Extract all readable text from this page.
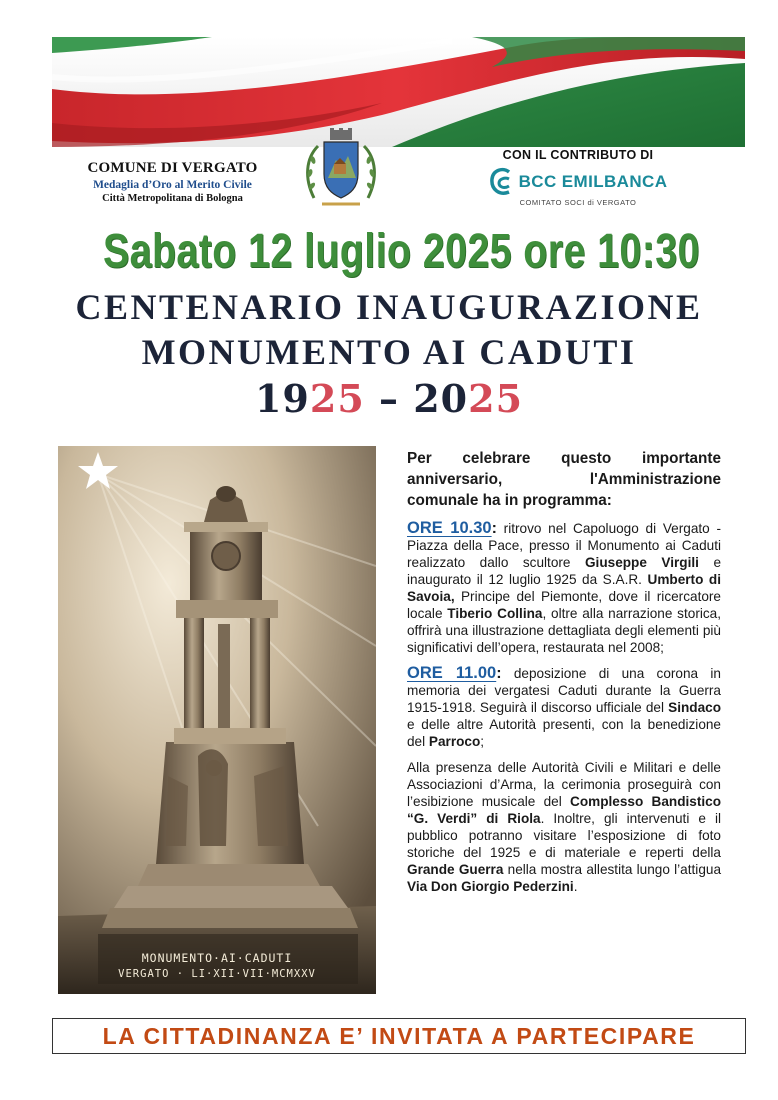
COMUNE DI VERGATO
Medaglia d’Oro al Merito Civile
Città Metropolitana di Bologna
CON IL CONTRIBUTO DI
BCC EMILBANCA
COMITATO SOCI di VERGATO
Sabato 12 luglio 2025 ore 10:30
CENTENARIO INAUGURAZIONE
MONUMENTO AI CADUTI
1925 – 2025
MONUMENTO·AI·CADUTI
VERGATO · LI·XII·VII·MCMXXV
Per celebrare questo importante anniversario, l'Amministrazione
comunale ha in programma:
ORE 10.30: ritrovo nel Capoluogo di Vergato - Piazza della Pace, presso il Monumento ai Caduti realizzato dallo scultore Giuseppe Virgili e inaugurato il 12 luglio 1925 da S.A.R. Umberto di Savoia, Principe del Piemonte, dove il ricercatore locale Tiberio Collina, oltre alla narrazione storica, offrirà una illustrazione dettagliata degli elementi più significativi dell’opera, restaurata nel 2008;
ORE 11.00: deposizione di una corona in memoria dei vergatesi Caduti durante la Guerra 1915-1918. Seguirà il discorso ufficiale del Sindaco e delle altre Autorità presenti, con la benedizione del Parroco;
Alla presenza delle Autorità Civili e Militari e delle Associazioni d’Arma, la cerimonia proseguirà con l’esibizione musicale del Complesso Bandistico “G. Verdi” di Riola. Inoltre, gli intervenuti e il pubblico potranno visitare l’esposizione di foto storiche del 1925 e di materiale e reperti della Grande Guerra nella mostra allestita lungo l’attigua Via Don Giorgio Pederzini.
LA CITTADINANZA E’ INVITATA A PARTECIPARE
